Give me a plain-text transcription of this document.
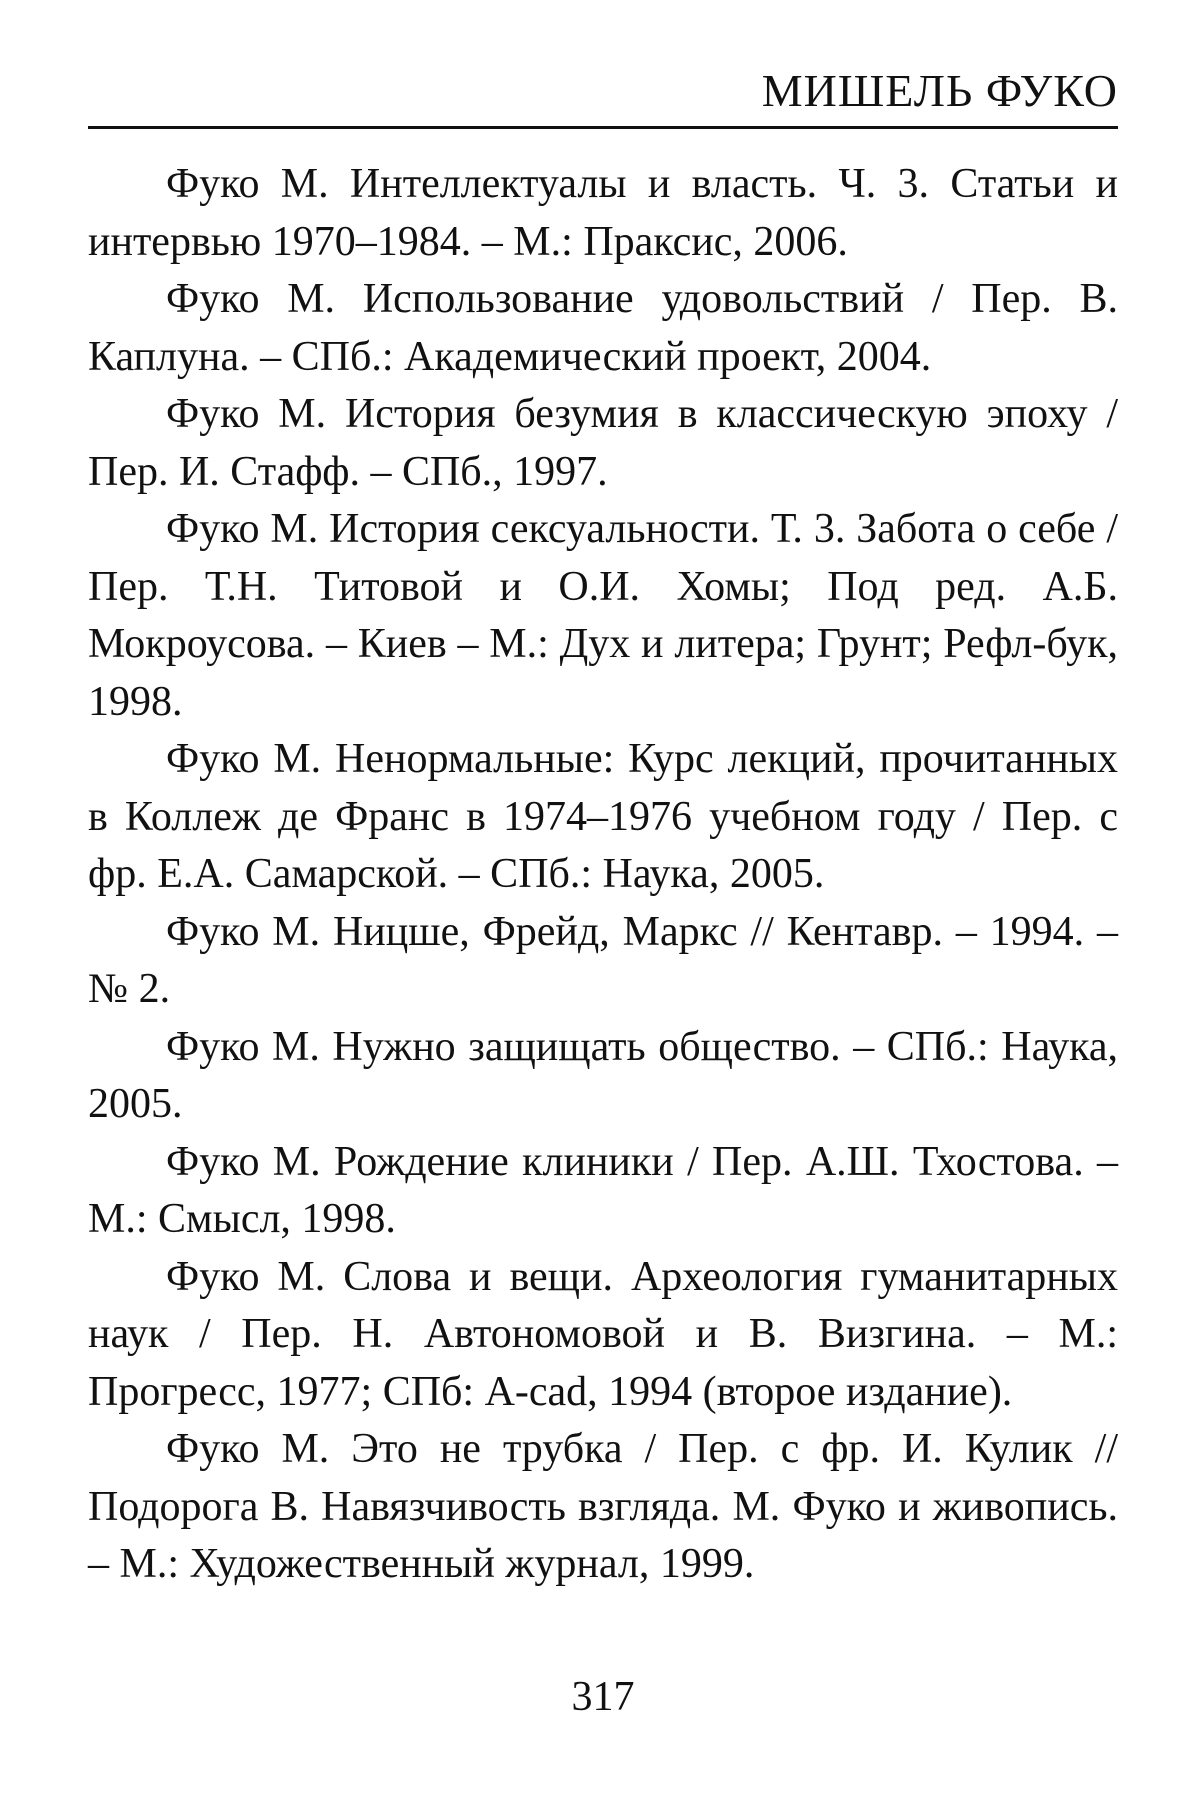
МИШЕЛЬ ФУКО

Фуко М. Интеллектуалы и власть. Ч. 3. Статьи и интервью 1970–1984. – М.: Праксис, 2006.

Фуко М. Использование удовольствий / Пер. В. Каплуна. – СПб.: Академический проект, 2004.

Фуко М. История безумия в классическую эпоху / Пер. И. Стафф. – СПб., 1997.

Фуко М. История сексуальности. Т. 3. Забота о себе / Пер. Т.Н. Титовой и О.И. Хомы; Под ред. А.Б. Мокроусова. – Киев – М.: Дух и литера; Грунт; Рефл-бук, 1998.

Фуко М. Ненормальные: Курс лекций, прочитанных в Коллеж де Франс в 1974–1976 учебном году / Пер. с фр. Е.А. Самарской. – СПб.: Наука, 2005.

Фуко М. Ницше, Фрейд, Маркс // Кентавр. – 1994. – № 2.

Фуко М. Нужно защищать общество. – СПб.: Наука, 2005.

Фуко М. Рождение клиники / Пер. А.Ш. Тхостова. – М.: Смысл, 1998.

Фуко М. Слова и вещи. Археология гуманитарных наук / Пер. Н. Автономовой и В. Визгина. – М.: Прогресс, 1977; СПб: A-cad, 1994 (второе издание).

Фуко М. Это не трубка / Пер. с фр. И. Кулик // Подорога В. Навязчивость взгляда. М. Фуко и живопись. – М.: Художественный журнал, 1999.

317
